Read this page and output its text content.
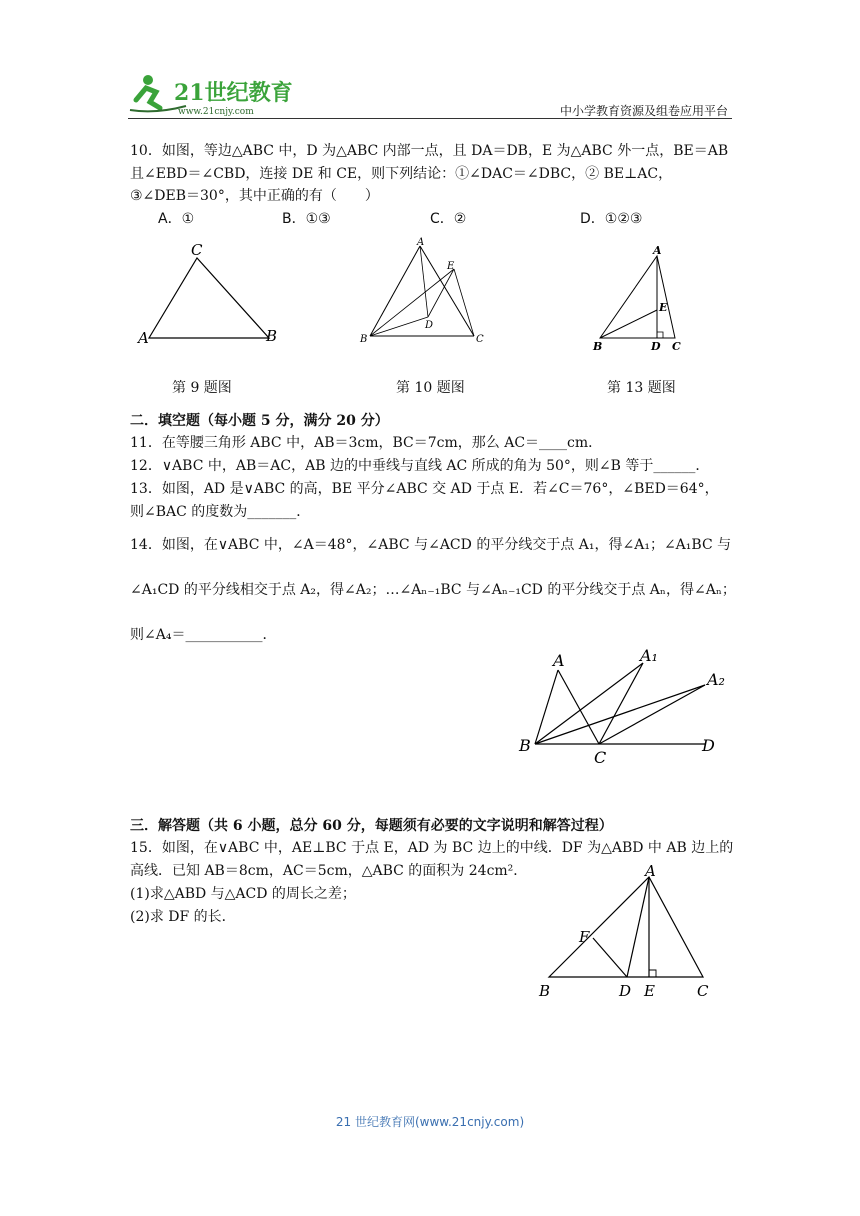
21世纪教育
www.21cnjy.com	中小学教育资源及组卷应用平台
10．如图，等边△ABC 中，D 为△ABC 内部一点，且 DA＝DB，E 为△ABC 外一点，BE＝AB
且∠EBD＝∠CBD，连接 DE 和 CE，则下列结论：①∠DAC＝∠DBC，② BE⊥AC，
③∠DEB＝30°，其中正确的有（　　）
A．①	B．①③	C．②	D．①②③
A	B
C
第 9 题图
A
B	C
D
E
第 10 题图
A
B	D C
E
第 13 题图
二．填空题（每小题 5 分，满分 20 分）
11．在等腰三角形 ABC 中，AB＝3cm，BC＝7cm，那么 AC＝____cm．
12．∨ABC 中，AB＝AC，AB 边的中垂线与直线 AC 所成的角为 50°，则∠B 等于______．
13．如图，AD 是∨ABC 的高，BE 平分∠ABC 交 AD 于点 E．若∠C＝76°，∠BED＝64°，
则∠BAC 的度数为_______．
14．如图，在∨ABC 中，∠A＝48°，∠ABC 与∠ACD 的平分线交于点 A₁，得∠A₁；∠A₁BC 与
∠A₁CD 的平分线相交于点 A₂，得∠A₂；…∠Aₙ₋₁BC 与∠Aₙ₋₁CD 的平分线交于点 Aₙ，得∠Aₙ；
则∠A₄＝___________．
A	A₁
A₂
B
C
D
三．解答题（共 6 小题，总分 60 分，每题须有必要的文字说明和解答过程）
15．如图，在∨ABC 中，AE⊥BC 于点 E，AD 为 BC 边上的中线．DF 为△ABD 中 AB 边上的
高线．已知 AB＝8cm，AC＝5cm，△ABC 的面积为 24cm²．
(1)求△ABD 与△ACD 的周长之差；
(2)求 DF 的长．
A
B	D E	C
F
21 世纪教育网(www.21cnjy.com)
